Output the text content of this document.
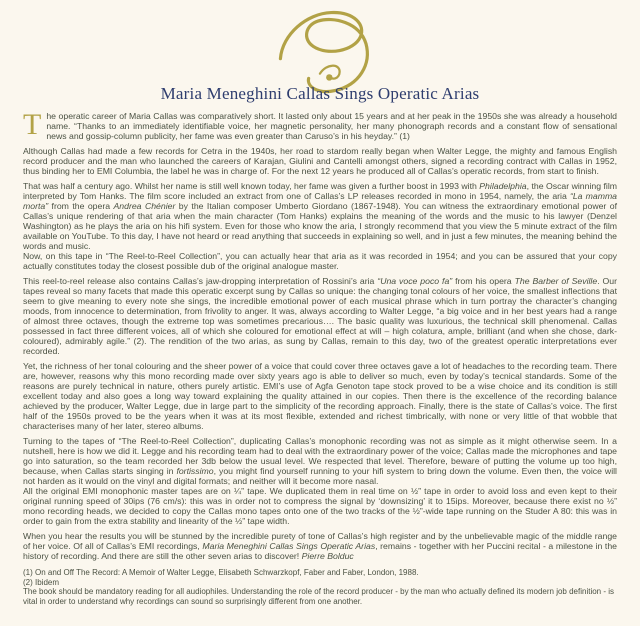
Maria Meneghini Callas Sings Operatic Arias

The operatic career of Maria Callas was comparatively short. It lasted only about 15 years and at her peak in the 1950s she was already a household name. “Thanks to an immediately identifiable voice, her magnetic personality, her many phonograph records and a constant flow of sensational news and gossip-column publicity, her fame was even greater than Caruso’s in his heyday.” (1)

Although Callas had made a few records for Cetra in the 1940s, her road to stardom really began when Walter Legge, the mighty and famous English record producer and the man who launched the careers of Karajan, Giulini and Cantelli amongst others, signed a recording contract with Callas in 1952, thus binding her to EMI Columbia, the label he was in charge of. For the next 12 years he produced all of Callas’s operatic records, from start to finish.

That was half a century ago. Whilst her name is still well known today, her fame was given a further boost in 1993 with Philadelphia, the Oscar winning film interpreted by Tom Hanks. The film score included an extract from one of Callas’s LP releases recorded in mono in 1954, namely, the aria “La mamma morta” from the opera Andrea Chénier by the Italian composer Umberto Giordano (1867-1948). You can witness the extraordinary emotional power of Callas’s unique rendering of that aria when the main character (Tom Hanks) explains the meaning of the words and the music to his lawyer (Denzel Washington) as he plays the aria on his hifi system. Even for those who know the aria, I strongly recommend that you view the 5 minute extract of the film available on YouTube. To this day, I have not heard or read anything that succeeds in explaining so well, and in just a few minutes, the meaning behind the words and music.
Now, on this tape in “The Reel-to-Reel Collection”, you can actually hear that aria as it was recorded in 1954; and you can be assured that your copy actually constitutes today the closest possible dub of the original analogue master.

This reel-to-reel release also contains Callas’s jaw-dropping interpretation of Rossini’s aria “Una voce poco fa” from his opera The Barber of Seville. Our tapes reveal so many facets that made this operatic excerpt sung by Callas so unique: the changing tonal colours of her voice, the smallest inflections that seem to give meaning to every note she sings, the incredible emotional power of each musical phrase which in turn portray the character’s changing moods, from innocence to determination, from frivolity to anger. It was, always according to Walter Legge, “a big voice and in her best years had a range of almost three octaves, though the extreme top was sometimes precarious…. The basic quality was luxurious, the technical skill phenomenal. Callas possessed in fact three different voices, all of which she coloured for emotional effect at will – high colatura, ample, brilliant (and when she chose, dark-coloured), admirably agile.” (2). The rendition of the two arias, as sung by Callas, remain to this day, two of the greatest operatic interpretations ever recorded.

Yet, the richness of her tonal colouring and the sheer power of a voice that could cover three octaves gave a lot of headaches to the recording team. There are, however, reasons why this mono recording made over sixty years ago is able to deliver so much, even by today’s tecnical standards. Some of the reasons are purely technical in nature, others purely artistic. EMI’s use of Agfa Genoton tape stock proved to be a wise choice and its condition is still excellent today and also goes a long way toward explaining the quality attained in our copies. Then there is the excellence of the recording balance achieved by the producer, Walter Legge, due in large part to the simplicity of the recording approach. Finally, there is the state of Callas’s voice. The first half of the 1950s proved to be the years when it was at its most flexible, extended and richest timbrically, with none or very little of that wobble that characterises many of her later, stereo albums.

Turning to the tapes of “The Reel-to-Reel Collection”, duplicating Callas’s monophonic recording was not as simple as it might otherwise seem. In a nutshell, here is how we did it. Legge and his recording team had to deal with the extraordinary power of the voice; Callas made the microphones and tape go into saturation, so the team recorded her 3db below the usual level. We respected that level. Therefore, beware of putting the volume up too high, because, when Callas starts singing in fortissimo, you might find yourself running to your hifi system to bring down the volume. Even then, the voice will not harden as it would on the vinyl and digital formats; and neither will it become more nasal.
All the original EMI monophonic master tapes are on ¼” tape. We duplicated them in real time on ½” tape in order to avoid loss and even kept to their original running speed of 30ips (76 cm/s): this was in order not to compress the signal by ‘downsizing’ it to 15ips. Moreover, because there exist no ½” mono recording heads, we decided to copy the Callas mono tapes onto one of the two tracks of the ½”-wide tape running on the Studer A 80: this was in order to gain from the extra stability and linearity of the ½” tape width.

When you hear the results you will be stunned by the incredible purety of tone of Callas’s high register and by the unbelievable magic of the middle range of her voice. Of all of Callas’s EMI recordings, Maria Meneghini Callas Sings Operatic Arias, remains - together with her Puccini recital - a milestone in the history of recording. And there are still the other seven arias to discover! Pierre Bolduc

(1) On and Off The Record: A Memoir of Walter Legge, Elisabeth Schwarzkopf, Faber and Faber, London, 1988.

(2) Ibidem

The book should be mandatory reading for all audiophiles. Understanding the role of the record producer - by the man who actually defined its modern job definition - is vital in order to understand why recordings can sound so surprisingly different from one another.
